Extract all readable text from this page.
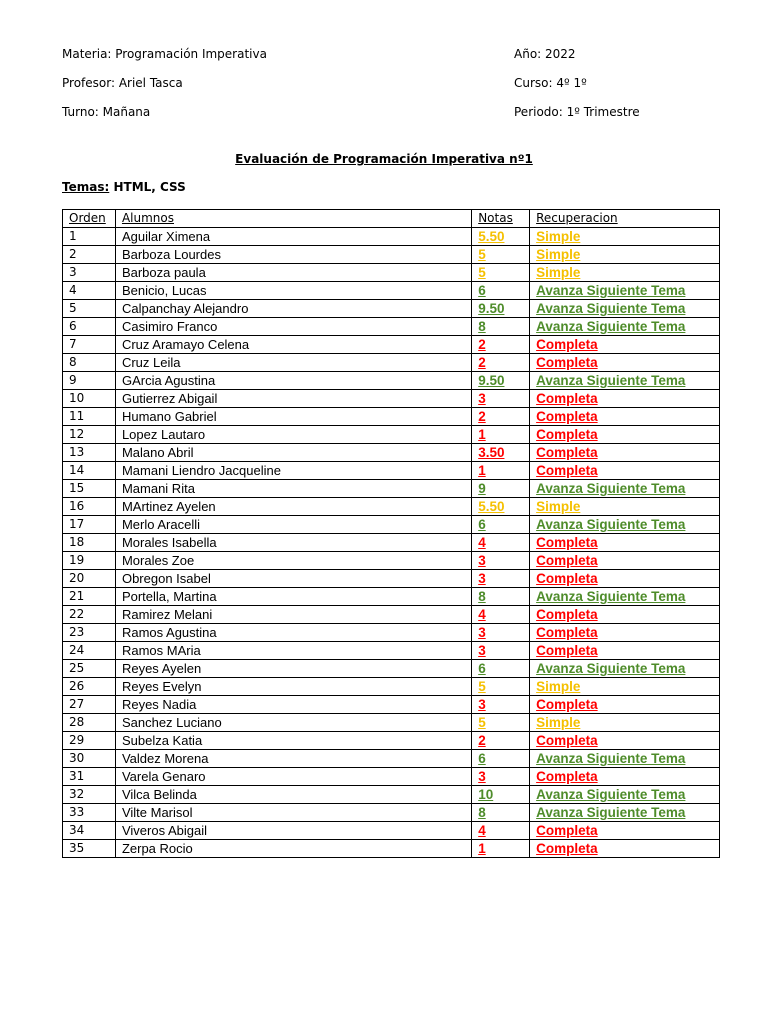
Materia: Programación Imperativa	Año: 2022
Profesor: Ariel Tasca	Curso: 4º 1º
Turno: Mañana	Periodo: 1º Trimestre
Evaluación de Programación Imperativa nº1
Temas: HTML, CSS
Orden	Alumnos	Notas	Recuperacion
1	Aguilar Ximena	5.50	Simple
2	Barboza Lourdes	5	Simple
3	Barboza paula	5	Simple
4	Benicio, Lucas	6	Avanza Siguiente Tema
5	Calpanchay Alejandro	9.50	Avanza Siguiente Tema
6	Casimiro Franco	8	Avanza Siguiente Tema
7	Cruz Aramayo Celena	2	Completa
8	Cruz Leila	2	Completa
9	GArcia Agustina	9.50	Avanza Siguiente Tema
10	Gutierrez Abigail	3	Completa
11	Humano Gabriel	2	Completa
12	Lopez Lautaro	1	Completa
13	Malano Abril	3.50	Completa
14	Mamani Liendro Jacqueline	1	Completa
15	Mamani Rita	9	Avanza Siguiente Tema
16	MArtinez Ayelen	5.50	Simple
17	Merlo Aracelli	6	Avanza Siguiente Tema
18	Morales Isabella	4	Completa
19	Morales Zoe	3	Completa
20	Obregon Isabel	3	Completa
21	Portella, Martina	8	Avanza Siguiente Tema
22	Ramirez Melani	4	Completa
23	Ramos Agustina	3	Completa
24	Ramos MAria	3	Completa
25	Reyes Ayelen	6	Avanza Siguiente Tema
26	Reyes Evelyn	5	Simple
27	Reyes Nadia	3	Completa
28	Sanchez Luciano	5	Simple
29	Subelza Katia	2	Completa
30	Valdez Morena	6	Avanza Siguiente Tema
31	Varela Genaro	3	Completa
32	Vilca Belinda	10	Avanza Siguiente Tema
33	Vilte Marisol	8	Avanza Siguiente Tema
34	Viveros Abigail	4	Completa
35	Zerpa Rocio	1	Completa
